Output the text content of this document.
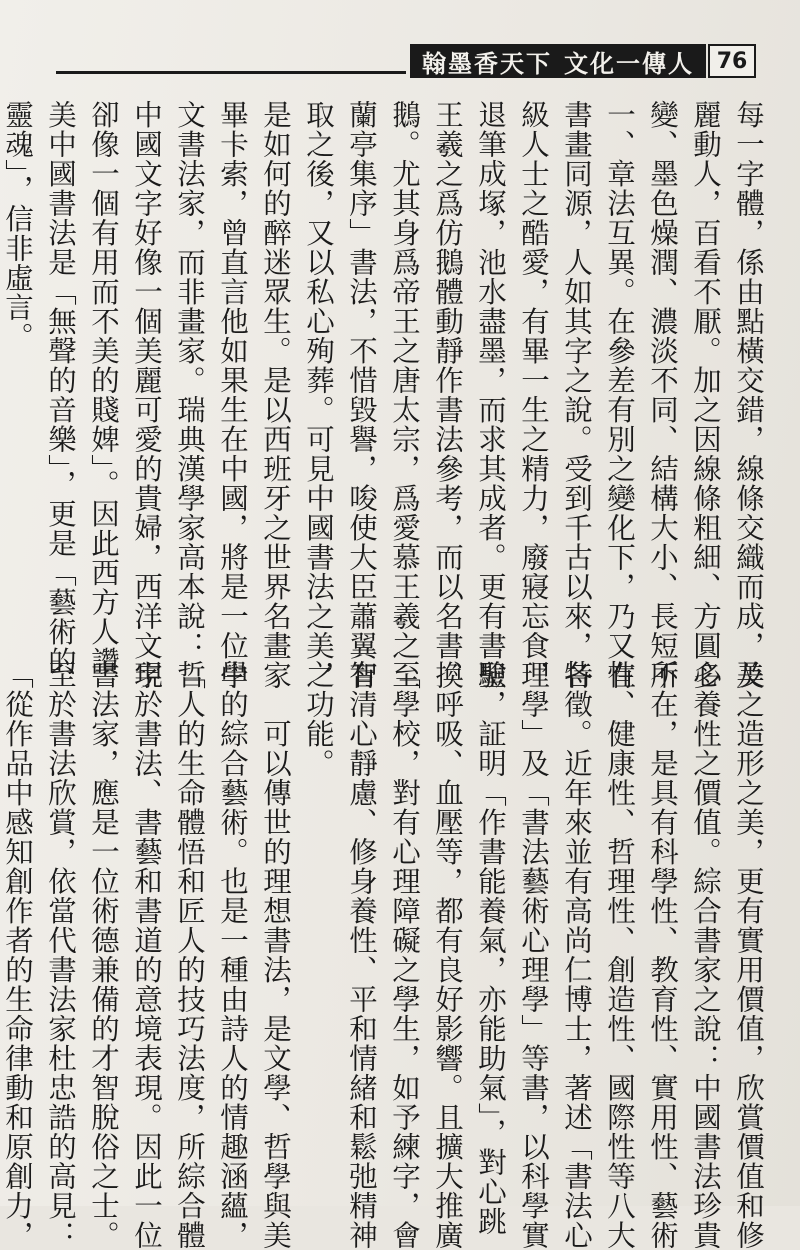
翰墨香天下 文化一傳人	76
每一字體，係由點橫交錯，線條交織而成，美
麗動人，百看不厭。加之因線條粗細、方圓多
變、墨色燥潤、濃淡不同、結構大小、長短不
一、章法互異。在參差有別之變化下，乃又有
書畫同源，人如其字之說。受到千古以來，各
級人士之酷愛，有畢一生之精力，廢寢忘食，
退筆成塚，池水盡墨，而求其成者。更有書聖
王羲之爲仿鵝體動靜作書法參考，而以名書換
鵝。尤其身爲帝王之唐太宗，爲愛慕王羲之「
蘭亭集序」書法，不惜毀譽，唆使大臣蕭翼智
取之後，又以私心殉葬。可見中國書法之美，
是如何的醉迷眾生。是以西班牙之世界名畫家
畢卡索，曾直言他如果生在中國，將是一位中
文書法家，而非畫家。瑞典漢學家高本說：「
中國文字好像一個美麗可愛的貴婦，西洋文字
卻像一個有用而不美的賤婢」。因此西方人讚
美中國書法是「無聲的音樂」，更是「藝術的
靈魂」，信非虛言。
及之造形之美，更有實用價值，欣賞價值和修
心養性之價值。綜合書家之說：中國書法珍貴
所在，是具有科學性、教育性、實用性、藝術
性、健康性、哲理性、創造性、國際性等八大
特徵。近年來並有高尚仁博士，著述「書法心
理學」及「書法藝術心理學」等書，以科學實
驗，証明「作書能養氣，亦能助氣」，對心跳
、呼吸、血壓等，都有良好影響。且擴大推廣
至學校，對有心理障礙之學生，如予練字，會
有清心靜慮、修身養性、平和情緒和鬆弛精神
之功能。
　　可以傳世的理想書法，是文學、哲學與美
學的綜合藝術。也是一種由詩人的情趣涵蘊，
哲人的生命體悟和匠人的技巧法度，所綜合體
現於書法、書藝和書道的意境表現。因此一位
書法家，應是一位術德兼備的才智脫俗之士。
至於書法欣賞，依當代書法家杜忠誥的高見：
「從作品中感知創作者的生命律動和原創力，
